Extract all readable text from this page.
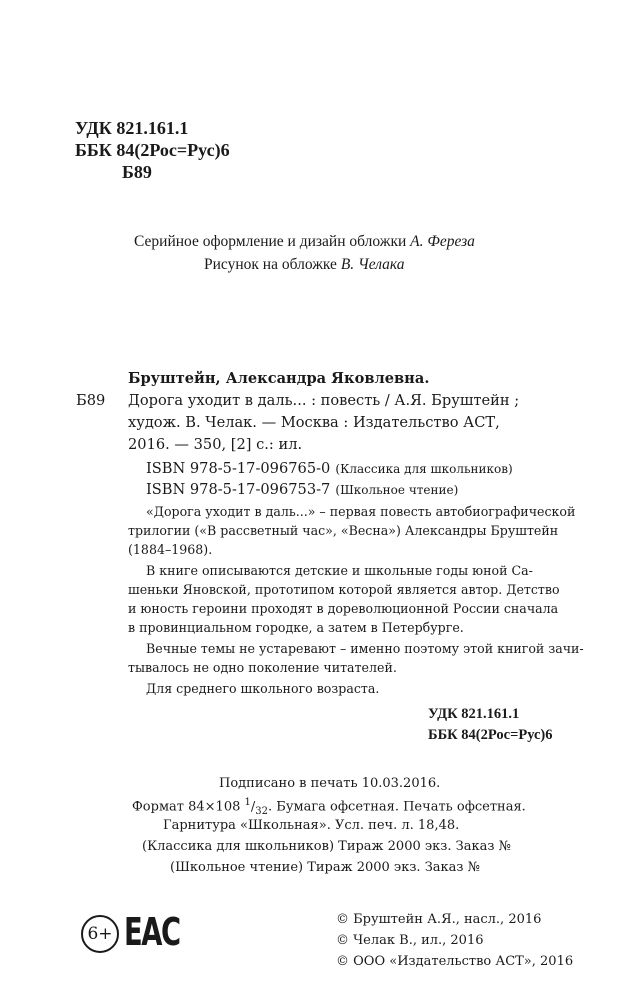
УДК 821.161.1
ББК 84(2Рос=Рус)6
Б89
Серийное оформление и дизайн обложки А. Фереза
Рисунок на обложке В. Челака
Бруштейн, Александра Яковлевна.
Б89 Дорога уходит в даль... : повесть / А.Я. Бруштейн ;
худож. В. Челак. — Москва : Издательство АСТ,
2016. — 350, [2] с.: ил.
ISBN 978-5-17-096765-0 (Классика для школьников)
ISBN 978-5-17-096753-7 (Школьное чтение)
«Дорога уходит в даль...» – первая повесть автобиографической
трилогии («В рассветный час», «Весна») Александры Бруштейн
(1884–1968).
В книге описываются детские и школьные годы юной Са-
шеньки Яновской, прототипом которой является автор. Детство
и юность героини проходят в дореволюционной России сначала
в провинциальном городке, а затем в Петербурге.
Вечные темы не устаревают – именно поэтому этой книгой зачи-
тывалось не одно поколение читателей.
Для среднего школьного возраста.
УДК 821.161.1
ББК 84(2Рос=Рус)6
Подписано в печать 10.03.2016.
Формат 84×108 $^1/_{32}$. Бумага офсетная. Печать офсетная.
Гарнитура «Школьная». Усл. печ. л. 18,48.
(Классика для школьников) Тираж 2000 экз. Заказ №
(Школьное чтение) Тираж 2000 экз. Заказ №
6+ EAC	© Бруштейн А.Я., насл., 2016
© Челак В., ил., 2016
© ООО «Издательство АСТ», 2016
